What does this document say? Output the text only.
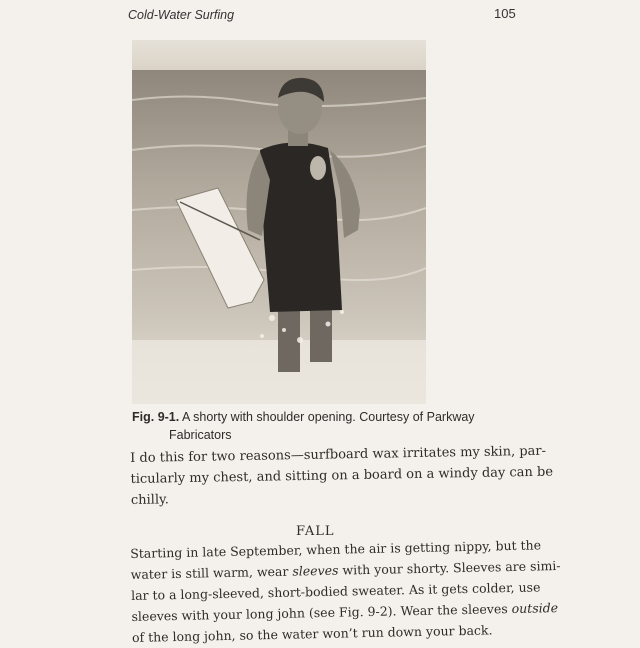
Cold-Water Surfing	105
Fig. 9-1. A shorty with shoulder opening. Courtesy of Parkway
Fabricators

I do this for two reasons—surfboard wax irritates my skin, par-
ticularly my chest, and sitting on a board on a windy day can be
chilly.

FALL

Starting in late September, when the air is getting nippy, but the
water is still warm, wear sleeves with your shorty. Sleeves are simi-
lar to a long-sleeved, short-bodied sweater. As it gets colder, use
sleeves with your long john (see Fig. 9-2). Wear the sleeves outside
of the long john, so the water won’t run down your back.
